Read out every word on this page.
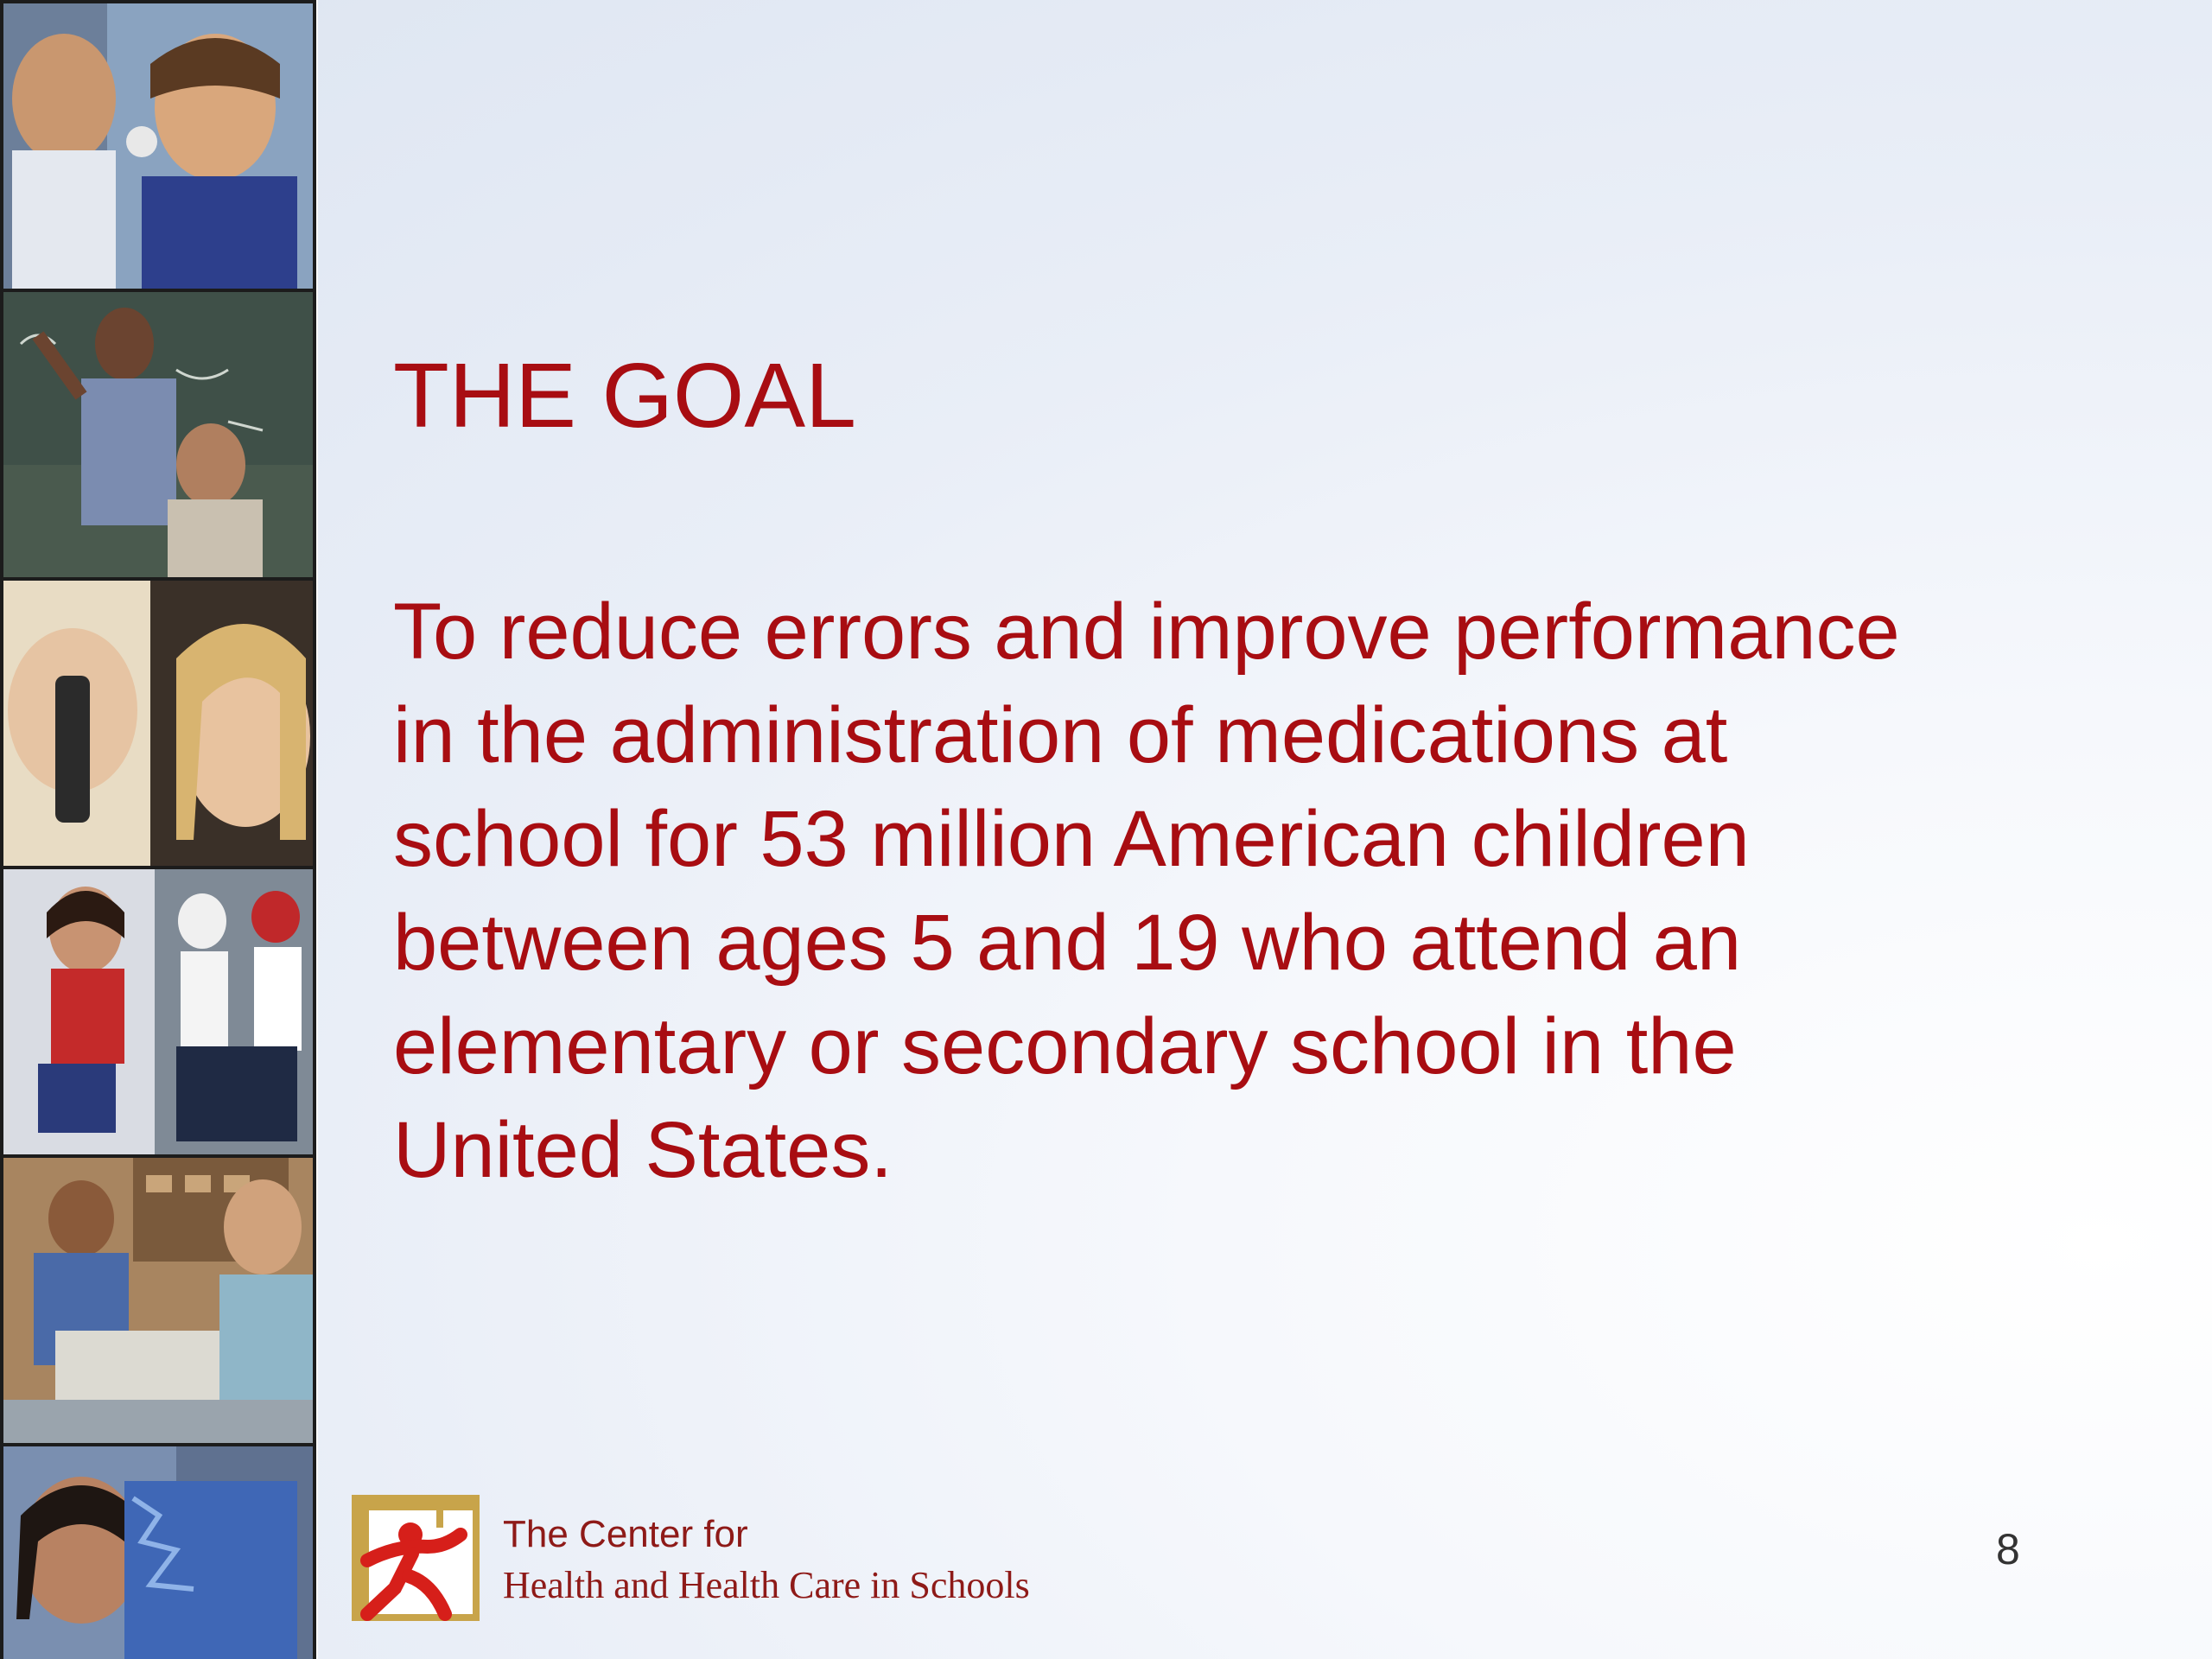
THE GOAL

To reduce errors and improve performance
in the administration of medications at
school for 53 million American children
between ages 5 and 19 who attend an
elementary or secondary school in the
United States.

The Center for
Health and Health Care in Schools
8
